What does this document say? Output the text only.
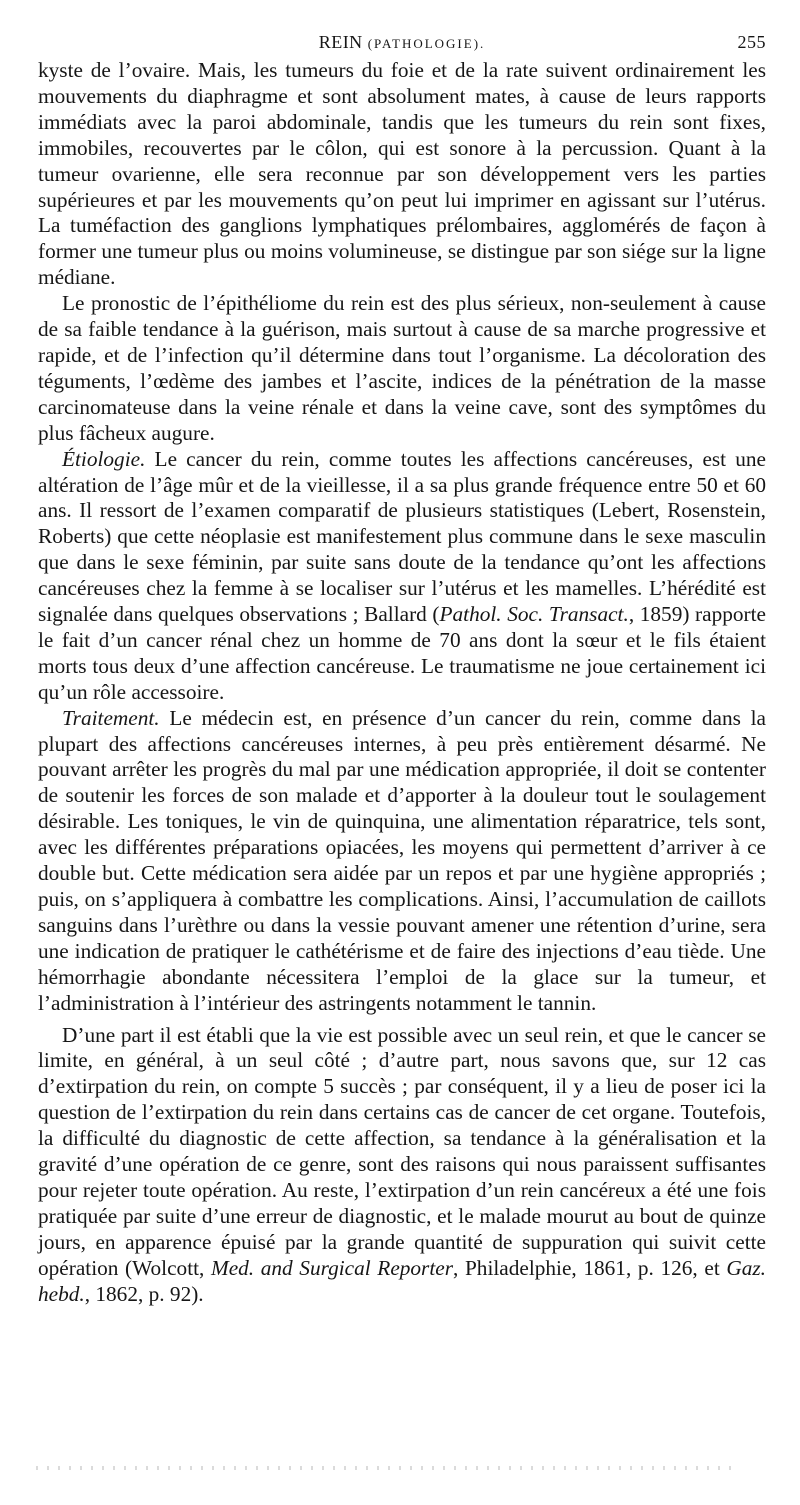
REIN (PATHOLOGIE).	255

kyste de l’ovaire. Mais, les tumeurs du foie et de la rate suivent ordinairement les mouvements du diaphragme et sont absolument mates, à cause de leurs rapports immédiats avec la paroi abdominale, tandis que les tumeurs du rein sont fixes, immobiles, recouvertes par le côlon, qui est sonore à la percussion. Quant à la tumeur ovarienne, elle sera reconnue par son développement vers les parties supérieures et par les mouvements qu’on peut lui imprimer en agissant sur l’utérus. La tuméfaction des ganglions lymphatiques prélombaires, agglomérés de façon à former une tumeur plus ou moins volumineuse, se distingue par son siége sur la ligne médiane.

Le pronostic de l’épithéliome du rein est des plus sérieux, non-seulement à cause de sa faible tendance à la guérison, mais surtout à cause de sa marche progressive et rapide, et de l’infection qu’il détermine dans tout l’organisme. La décoloration des téguments, l’œdème des jambes et l’ascite, indices de la pénétration de la masse carcinomateuse dans la veine rénale et dans la veine cave, sont des symptômes du plus fâcheux augure.

Étiologie. Le cancer du rein, comme toutes les affections cancéreuses, est une altération de l’âge mûr et de la vieillesse, il a sa plus grande fréquence entre 50 et 60 ans. Il ressort de l’examen comparatif de plusieurs statistiques (Lebert, Rosenstein, Roberts) que cette néoplasie est manifestement plus commune dans le sexe masculin que dans le sexe féminin, par suite sans doute de la tendance qu’ont les affections cancéreuses chez la femme à se localiser sur l’utérus et les mamelles. L’hérédité est signalée dans quelques observations ; Ballard (Pathol. Soc. Transact., 1859) rapporte le fait d’un cancer rénal chez un homme de 70 ans dont la sœur et le fils étaient morts tous deux d’une affection cancéreuse. Le traumatisme ne joue certainement ici qu’un rôle accessoire.

Traitement. Le médecin est, en présence d’un cancer du rein, comme dans la plupart des affections cancéreuses internes, à peu près entièrement désarmé. Ne pouvant arrêter les progrès du mal par une médication appropriée, il doit se contenter de soutenir les forces de son malade et d’apporter à la douleur tout le soulagement désirable. Les toniques, le vin de quinquina, une alimentation réparatrice, tels sont, avec les différentes préparations opiacées, les moyens qui permettent d’arriver à ce double but. Cette médication sera aidée par un repos et par une hygiène appropriés ; puis, on s’appliquera à combattre les complications. Ainsi, l’accumulation de caillots sanguins dans l’urèthre ou dans la vessie pouvant amener une rétention d’urine, sera une indication de pratiquer le cathétérisme et de faire des injections d’eau tiède. Une hémorrhagie abondante nécessitera l’emploi de la glace sur la tumeur, et l’administration à l’intérieur des astringents notamment le tannin.

D’une part il est établi que la vie est possible avec un seul rein, et que le cancer se limite, en général, à un seul côté ; d’autre part, nous savons que, sur 12 cas d’extirpation du rein, on compte 5 succès ; par conséquent, il y a lieu de poser ici la question de l’extirpation du rein dans certains cas de cancer de cet organe. Toutefois, la difficulté du diagnostic de cette affection, sa tendance à la généralisation et la gravité d’une opération de ce genre, sont des raisons qui nous paraissent suffisantes pour rejeter toute opération. Au reste, l’extirpation d’un rein cancéreux a été une fois pratiquée par suite d’une erreur de diagnostic, et le malade mourut au bout de quinze jours, en apparence épuisé par la grande quantité de suppuration qui suivit cette opération (Wolcott, Med. and Surgical Reporter, Philadelphie, 1861, p. 126, et Gaz. hebd., 1862, p. 92).
